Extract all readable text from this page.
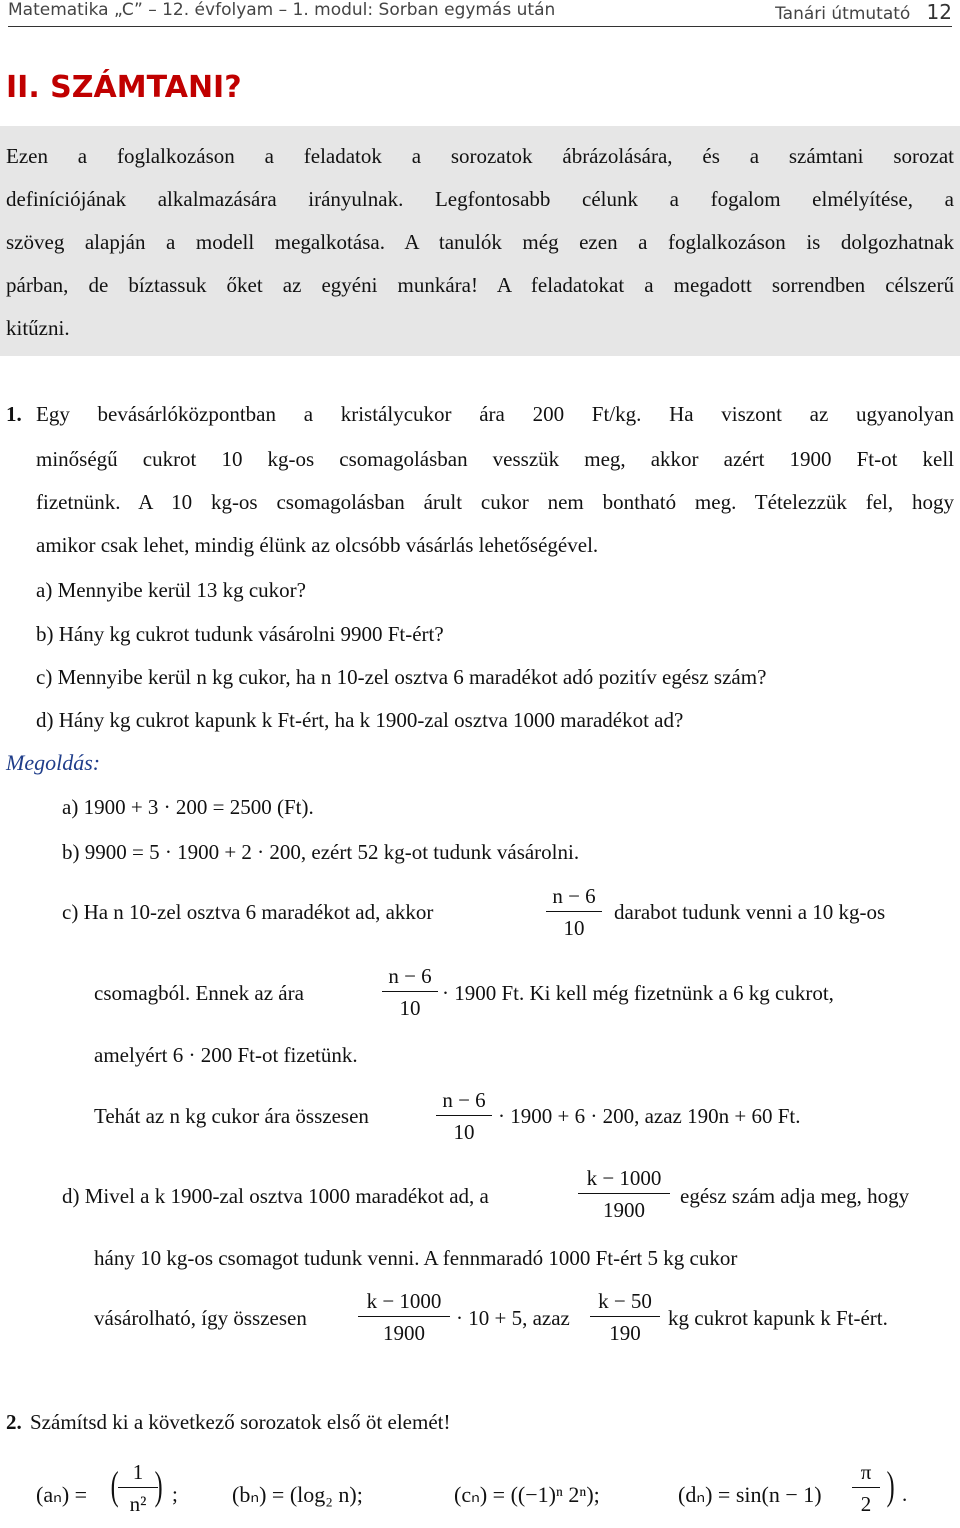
Matematika „C” – 12. évfolyam – 1. modul: Sorban egymás után	Tanári útmutató 12
II. SZÁMTANI?
Ezen a foglalkozáson a feladatok a sorozatok ábrázolására, és a számtani sorozat
definíciójának alkalmazására irányulnak. Legfontosabb célunk a fogalom elmélyítése, a
szöveg alapján a modell megalkotása. A tanulók még ezen a foglalkozáson is dolgozhatnak
párban, de bíztassuk őket az egyéni munkára! A feladatokat a megadott sorrendben célszerű
kitűzni.
1. Egy bevásárlóközpontban a kristálycukor ára 200 Ft/kg. Ha viszont az ugyanolyan
minőségű cukrot 10 kg-os csomagolásban vesszük meg, akkor azért 1900 Ft-ot kell
fizetnünk. A 10 kg-os csomagolásban árult cukor nem bontható meg. Tételezzük fel, hogy
amikor csak lehet, mindig élünk az olcsóbb vásárlás lehetőségével.
a) Mennyibe kerül 13 kg cukor?
b) Hány kg cukrot tudunk vásárolni 9900 Ft-ért?
c) Mennyibe kerül n kg cukor, ha n 10-zel osztva 6 maradékot adó pozitív egész szám?
d) Hány kg cukrot kapunk k Ft-ért, ha k 1900-zal osztva 1000 maradékot ad?
Megoldás:
a) 1900 + 3 · 200 = 2500 (Ft).
b) 9900 = 5 · 1900 + 2 · 200, ezért 52 kg-ot tudunk vásárolni.
c) Ha n 10-zel osztva 6 maradékot ad, akkor	$\frac{n - 6}{10}$ darabot tudunk venni a 10 kg-os
csomagból. Ennek az ára	$\frac{n - 6}{10} \cdot 1900$ Ft. Ki kell még fizetnünk a 6 kg cukrot,
amelyért 6 · 200 Ft-ot fizetünk.
Tehát az n kg cukor ára összesen	$\frac{n - 6}{10} \cdot 1900 + 6 \cdot 200$, azaz 190n + 60 Ft.
d) Mivel a k 1900-zal osztva 1000 maradékot ad, a	$\frac{k - 1000}{1900}$ egész szám adja meg, hogy
hány 10 kg-os csomagot tudunk venni. A fennmaradó 1000 Ft-ért 5 kg cukor
vásárolható, így összesen $\frac{k - 1000}{1900} \cdot 10 + 5$, azaz $\frac{k - 50}{190}$ kg cukrot kapunk k Ft-ért.
2. Számítsd ki a következő sorozatok első öt elemét!
(aₙ) = ( $\frac{1}{\text{n²}}$
) ; (bₙ) = (log₂ n);	(cₙ) = ((−1)ⁿ 2ⁿ);	$(d_n) = \sin(n - 1) \frac{\pi}{2}$ ) .
